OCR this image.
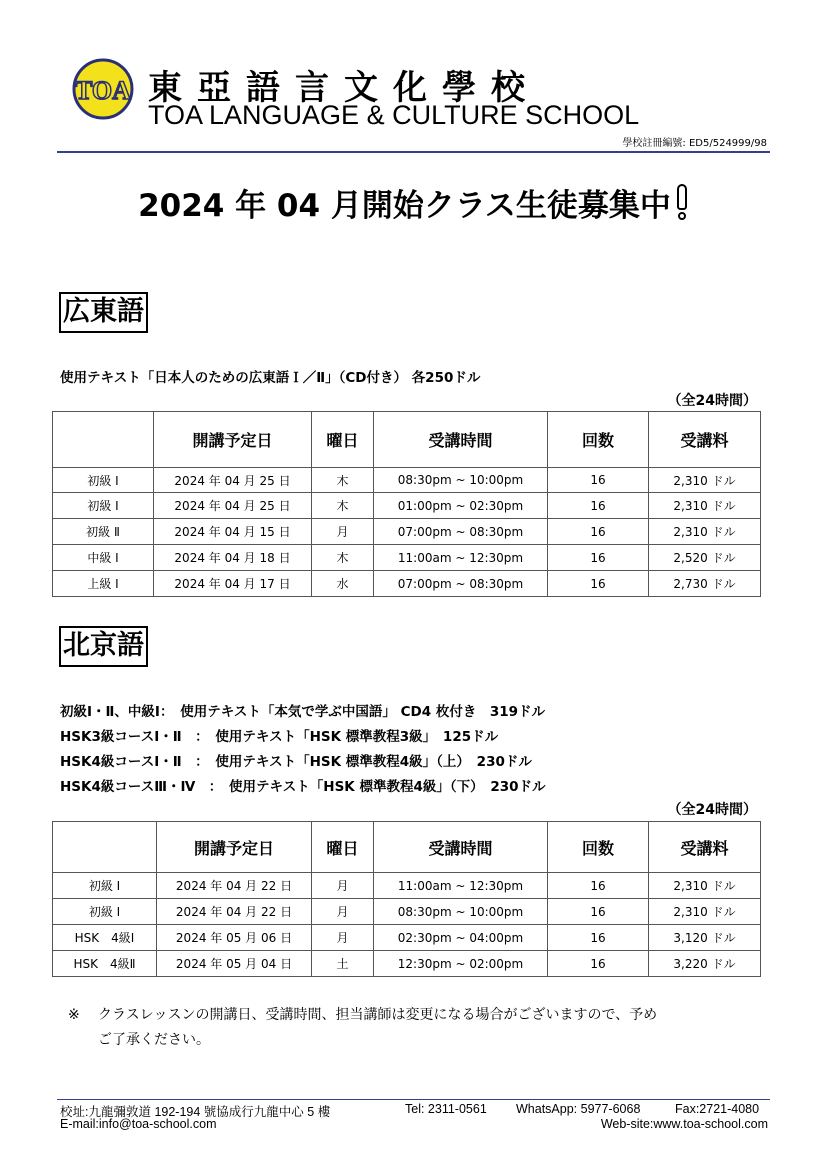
TOA 東亞語言文化學校
TOA LANGUAGE & CULTURE SCHOOL
學校註冊編號: ED5/524999/98
2024 年 04 月開始クラス生徒募集中
広東語
使用テキスト「日本人のための広東語Ｉ／Ⅱ」（CD付き） 各250ドル
（全24時間）
	開講予定日	曜日	受講時間	回数	受講料
初級 Ⅰ	2024 年 04 月 25 日	木	08:30pm ~ 10:00pm	16	2,310 ドル
初級 Ⅰ	2024 年 04 月 25 日	木	01:00pm ~ 02:30pm	16	2,310 ドル
初級 Ⅱ	2024 年 04 月 15 日	月	07:00pm ~ 08:30pm	16	2,310 ドル
中級 Ⅰ	2024 年 04 月 18 日	木	11:00am ~ 12:30pm	16	2,520 ドル
上級 Ⅰ	2024 年 04 月 17 日	水	07:00pm ~ 08:30pm	16	2,730 ドル
北京語
初級Ⅰ・Ⅱ、中級Ⅰ：　使用テキスト「本気で学ぶ中国語」 CD4 枚付き　319ドル
HSK3級コースⅠ・Ⅱ　：　使用テキスト「HSK 標準教程3級」　125ドル
HSK4級コースⅠ・Ⅱ　：　使用テキスト「HSK 標準教程4級」（上）　230ドル
HSK4級コースⅢ・Ⅳ　：　使用テキスト「HSK 標準教程4級」（下）　230ドル
（全24時間）
	開講予定日	曜日	受講時間	回数	受講料
初級 Ⅰ	2024 年 04 月 22 日	月	11:00am ~ 12:30pm	16	2,310 ドル
初級 Ⅰ	2024 年 04 月 22 日	月	08:30pm ~ 10:00pm	16	2,310 ドル
HSK　4級Ⅰ	2024 年 05 月 06 日	月	02:30pm ~ 04:00pm	16	3,120 ドル
HSK　4級Ⅱ	2024 年 05 月 04 日	土	12:30pm ~ 02:00pm	16	3,220 ドル
※ クラスレッスンの開講日、受講時間、担当講師は変更になる場合がございますので、予め
ご了承ください。
校址:九龍彌敦道 192-194 號協成行九龍中心 5 樓	Tel: 2311-0561 WhatsApp: 5977-6068	Fax:2721-4080
E-mail:info@toa-school.com	Web-site:www.toa-school.com
